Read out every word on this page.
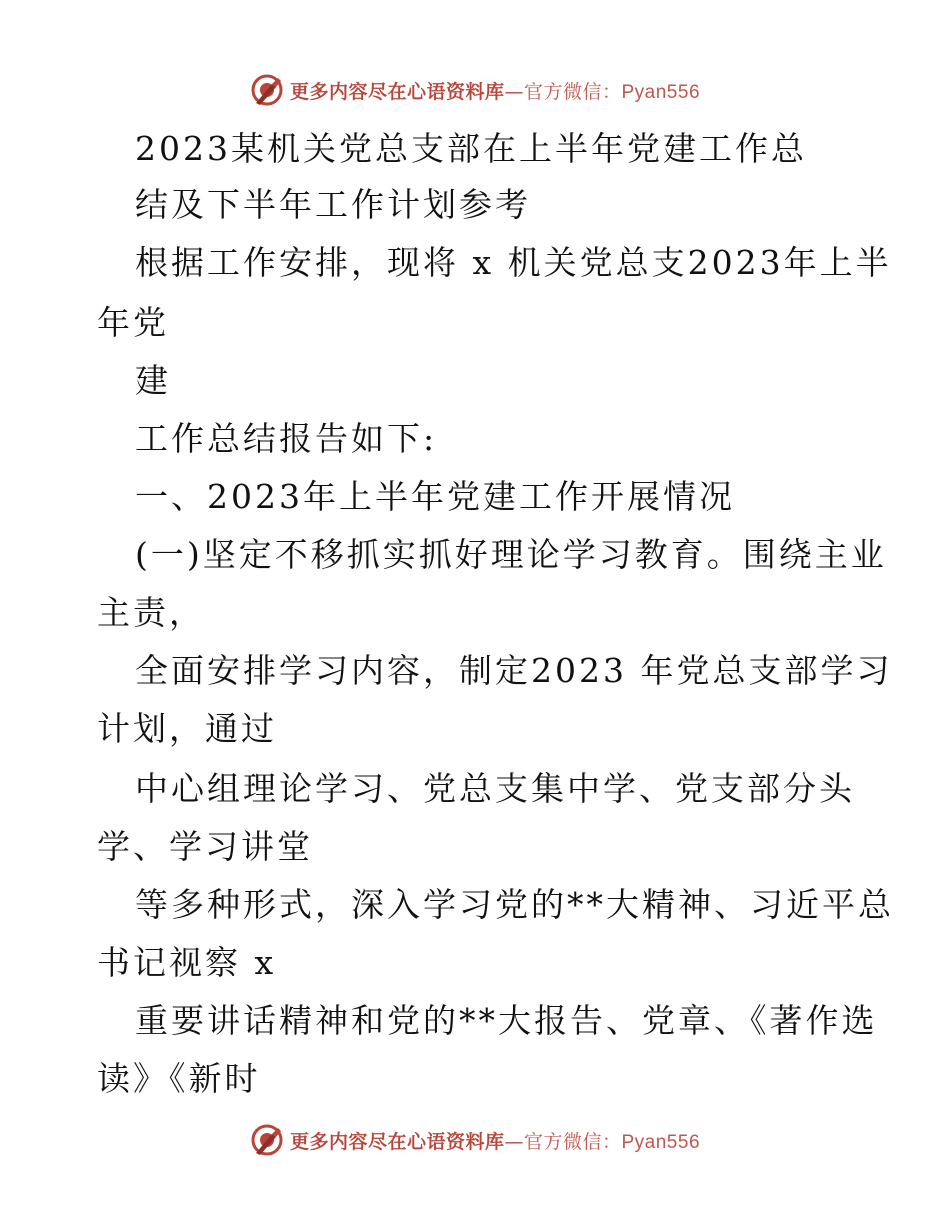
更多内容尽在心语资料库—官方微信：Pyan556
2023某机关党总支部在上半年党建工作总
结及下半年工作计划参考
根据工作安排，现将 x 机关党总支2023年上半
年党
建
工作总结报告如下:
一、2023年上半年党建工作开展情况
(一)坚定不移抓实抓好理论学习教育。围绕主业
主责，
全面安排学习内容，制定2023 年党总支部学习
计划，通过
中心组理论学习、党总支集中学、党支部分头
学、学习讲堂
等多种形式，深入学习党的**大精神、习近平总
书记视察 x
重要讲话精神和党的**大报告、党章、《著作选
读》《新时
更多内容尽在心语资料库—官方微信：Pyan556
